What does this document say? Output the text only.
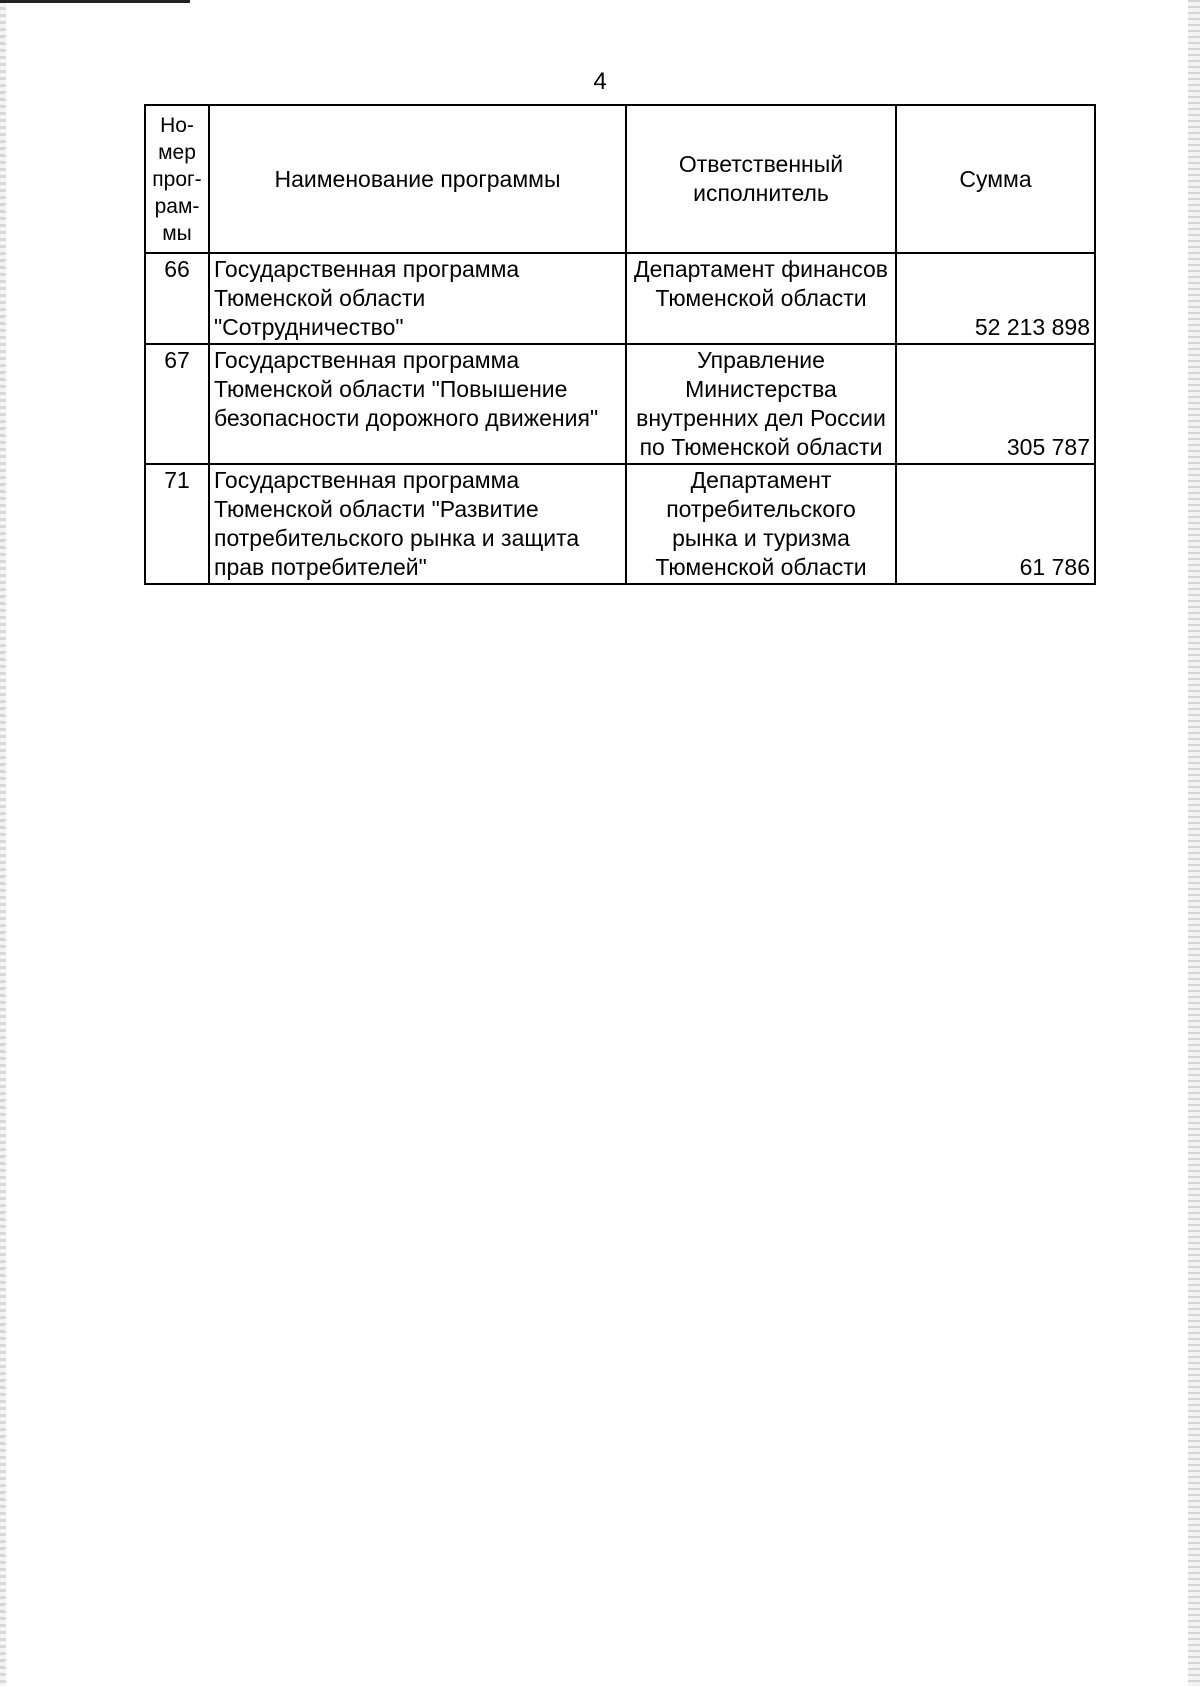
4
Но-мер прог-рам-мы	Наименование программы	Ответственный исполнитель	Сумма
66	Государственная программа Тюменской области "Сотрудничество"	Департамент финансов Тюменской области	52 213 898
67	Государственная программа Тюменской области "Повышение безопасности дорожного движения"	Управление Министерства внутренних дел России по Тюменской области	305 787
71	Государственная программа Тюменской области "Развитие потребительского рынка и защита прав потребителей"	Департамент потребительского рынка и туризма Тюменской области	61 786
